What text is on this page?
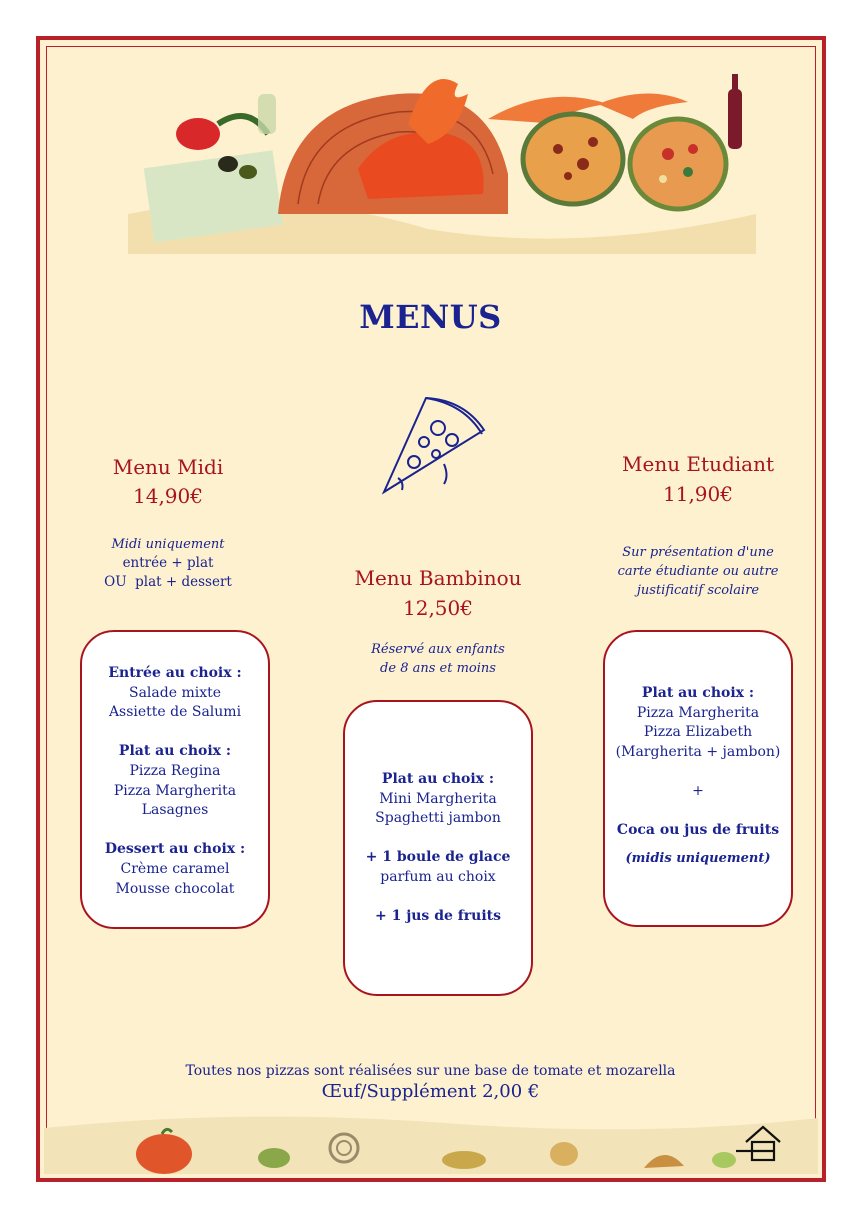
MENUS
Menu Midi
14,90€
Midi uniquement
entrée + plat
OU  plat + dessert
Entrée au choix :
Salade mixte
Assiette de Salumi
Plat au choix :
Pizza Regina
Pizza Margherita
Lasagnes
Dessert au choix :
Crème caramel
Mousse chocolat
Menu Bambinou
12,50€
Réservé aux enfants
de 8 ans et moins
Plat au choix :
Mini Margherita
Spaghetti jambon
+ 1 boule de glace
parfum au choix
+ 1 jus de fruits
Menu Etudiant
11,90€
Sur présentation d'une
carte étudiante ou autre
justificatif scolaire
Plat au choix :
Pizza Margherita
Pizza Elizabeth
(Margherita + jambon)
+
Coca ou jus de fruits
(midis uniquement)
Toutes nos pizzas sont réalisées sur une base de tomate et mozarella
Œuf/Supplément 2,00 €
